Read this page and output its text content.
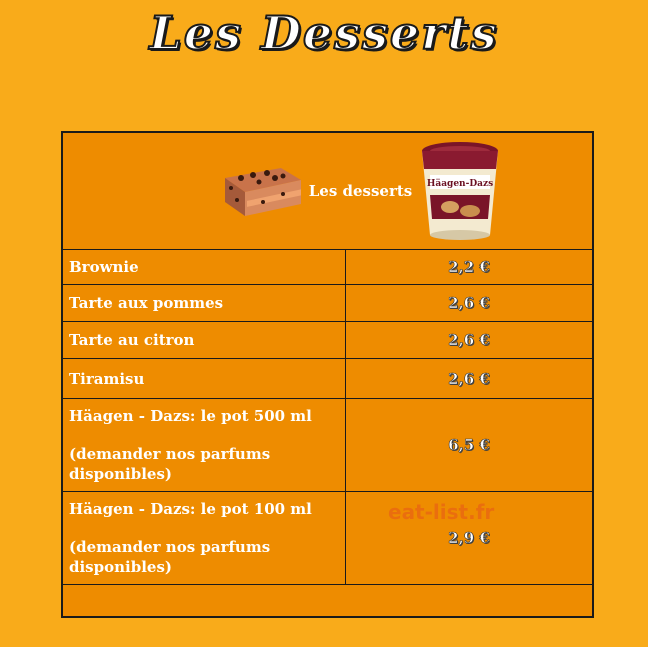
Les Desserts
Les desserts Häagen-Dazs	

Brownie	2,2 €
Tarte aux pommes	2,6 €
Tarte au citron	2,6 €
Tiramisu	2,6 €

Häagen - Dazs: le pot 500 ml
(demander nos parfums disponibles)	6,5 €

Häagen - Dazs: le pot 100 ml
(demander nos parfums disponibles)	2,9 €

eat-list.fr
